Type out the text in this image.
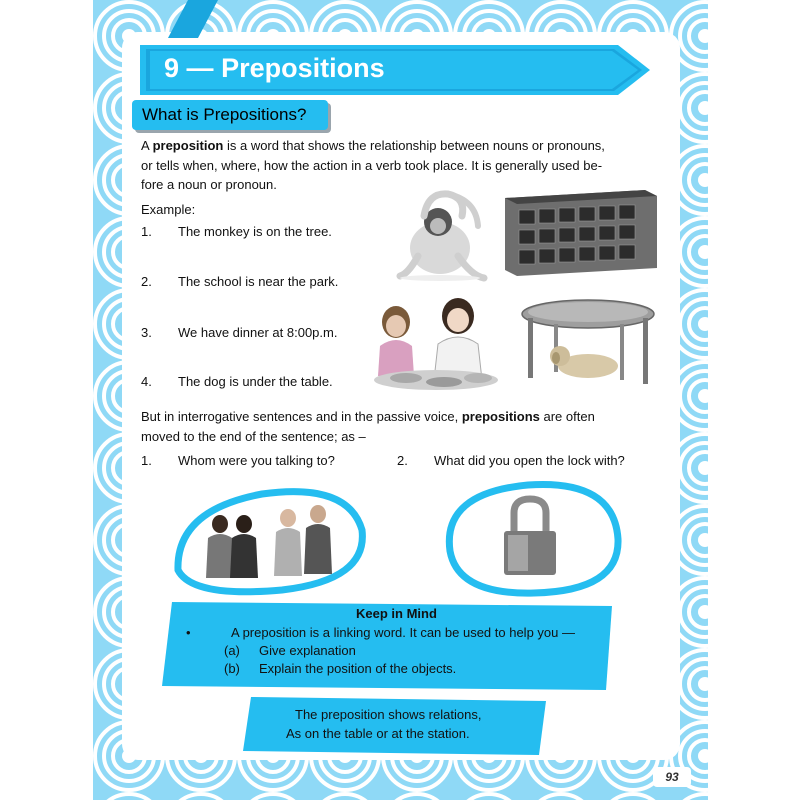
9 — Prepositions
What is Prepositions?
A preposition is a word that shows the relationship between nouns or pronouns,
or tells when, where, how the action in a verb took place. It is generally used be-
fore a noun or pronoun.
Example:
1. The monkey is on the tree.
2. The school is near the park.
3. We have dinner at 8:00p.m.
4. The dog is under the table.
But in interrogative sentences and in the passive voice, prepositions are often
moved to the end of the sentence; as –
1. Whom were you talking to?	2. What did you open the lock with?
Keep in Mind
•	A preposition is a linking word. It can be used to help you —
(a) Give explanation
(b) Explain the position of the objects.
The preposition shows relations,
As on the table or at the station.
93
